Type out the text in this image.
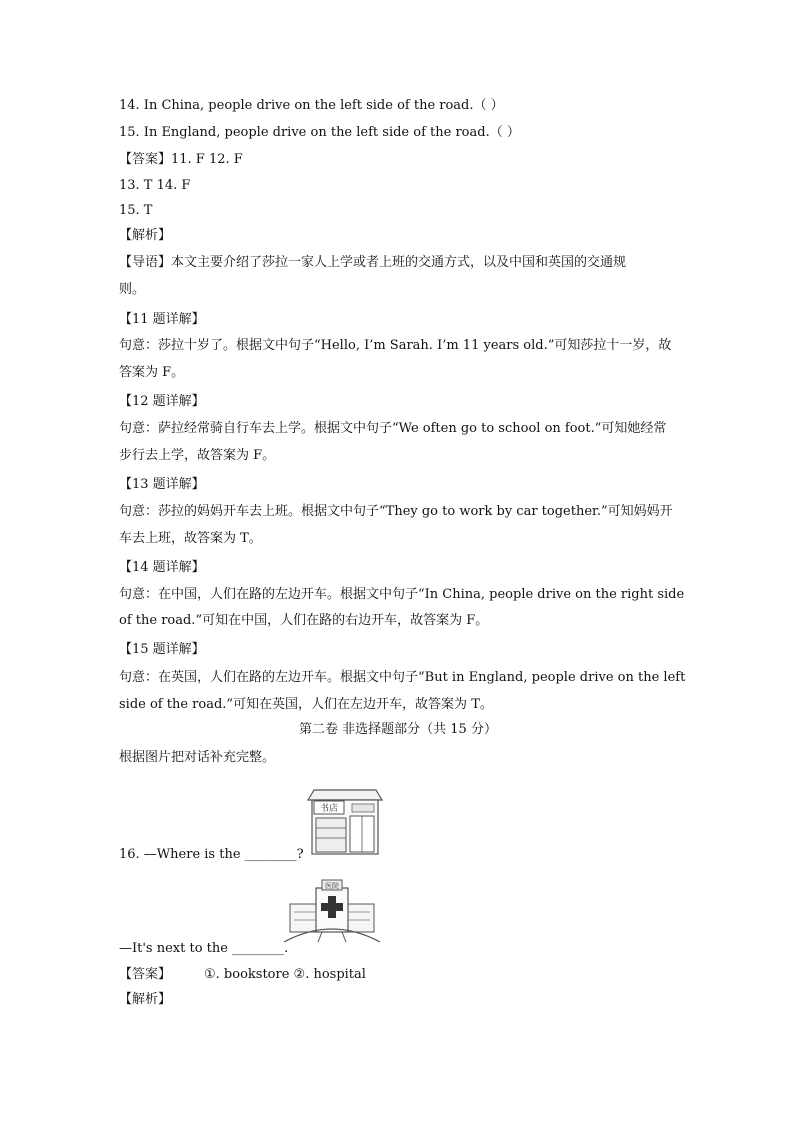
14. In China, people drive on the left side of the road.（ ）
15. In England, people drive on the left side of the road.（ ）
【答案】11. F 12. F
13. T 14. F
15. T
【解析】
【导语】本文主要介绍了莎拉一家人上学或者上班的交通方式，以及中国和英国的交通规
则。
【11 题详解】
句意：莎拉十岁了。根据文中句子“Hello, I’m Sarah. I’m 11 years old.”可知莎拉十一岁，故
答案为 F。
【12 题详解】
句意：萨拉经常骑自行车去上学。根据文中句子“We often go to school on foot.”可知她经常
步行去上学，故答案为 F。
【13 题详解】
句意：莎拉的妈妈开车去上班。根据文中句子“They go to work by car together.”可知妈妈开
车去上班，故答案为 T。
【14 题详解】
句意：在中国，人们在路的左边开车。根据文中句子“In China, people drive on the right side
of the road.”可知在中国，人们在路的右边开车，故答案为 F。
【15 题详解】
句意：在英国，人们在路的左边开车。根据文中句子“But in England, people drive on the left
side of the road.”可知在英国，人们在左边开车，故答案为 T。
第二卷 非选择题部分（共 15 分）
根据图片把对话补充完整。
书店
16. —Where is the ________?
医院
—It's next to the ________.
【答案】	①. bookstore ②. hospital
【解析】
